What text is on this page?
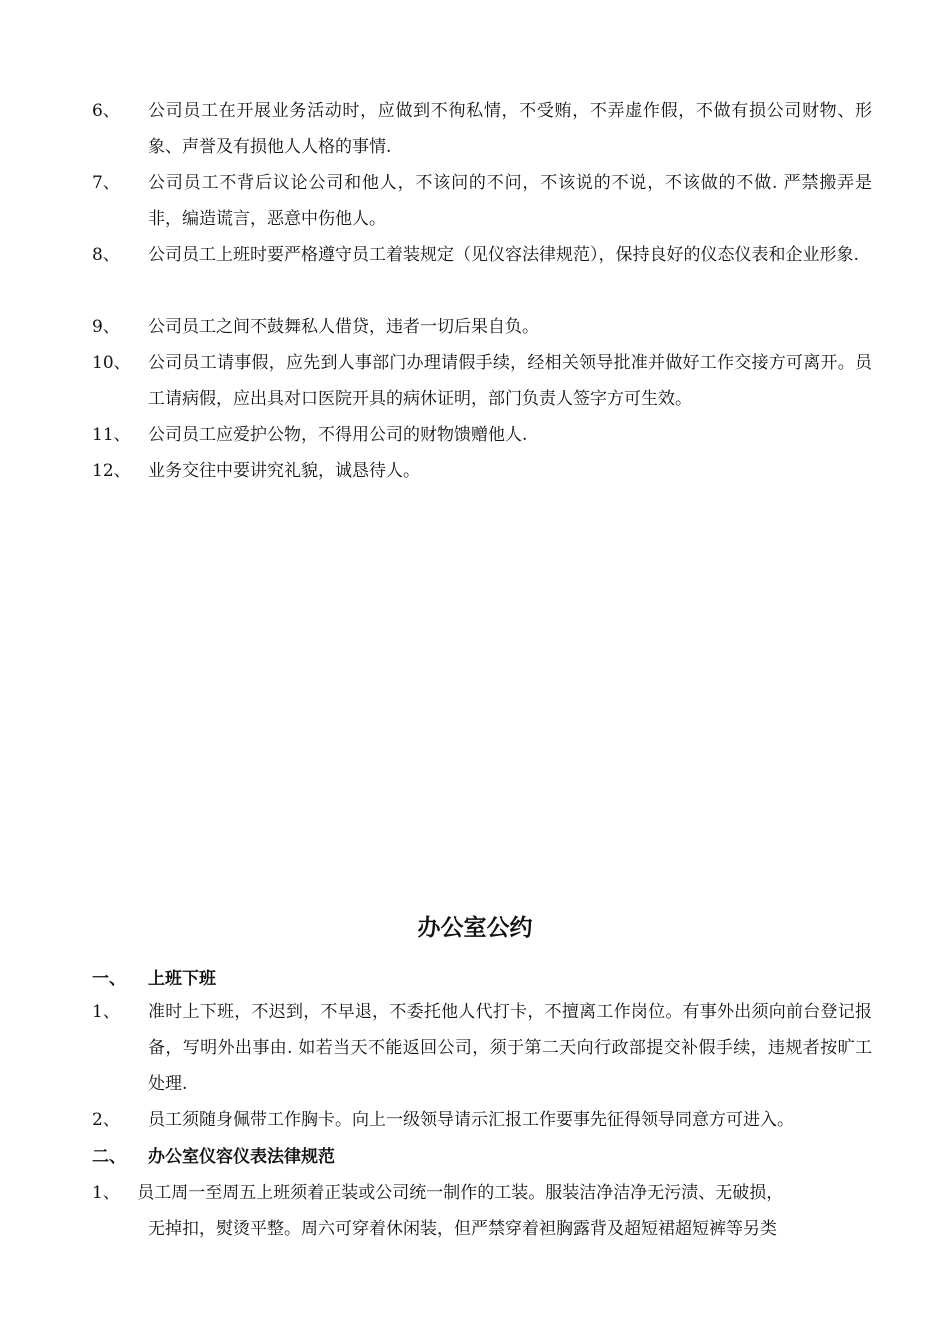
6、 公司员工在开展业务活动时，应做到不徇私情，不受贿，不弄虚作假，不做有损公司财物、形象、声誉及有损他人人格的事情.
7、 公司员工不背后议论公司和他人，不该问的不问，不该说的不说，不该做的不做. 严禁搬弄是非，编造谎言，恶意中伤他人。
8、 公司员工上班时要严格遵守员工着装规定（见仪容法律规范），保持良好的仪态仪表和企业形象.
9、 公司员工之间不鼓舞私人借贷，违者一切后果自负。
10、 公司员工请事假，应先到人事部门办理请假手续，经相关领导批准并做好工作交接方可离开。员工请病假，应出具对口医院开具的病休证明，部门负责人签字方可生效。
11、 公司员工应爱护公物，不得用公司的财物馈赠他人.
12、 业务交往中要讲究礼貌，诚恳待人。
办公室公约
一、 上班下班
1、 准时上下班，不迟到，不早退，不委托他人代打卡，不擅离工作岗位。有事外出须向前台登记报备，写明外出事由. 如若当天不能返回公司，须于第二天向行政部提交补假手续，违规者按旷工处理.
2、 员工须随身佩带工作胸卡。向上一级领导请示汇报工作要事先征得领导同意方可进入。
二、 办公室仪容仪表法律规范
1、 员工周一至周五上班须着正装或公司统一制作的工装。服装洁净洁净无污渍、无破损，
无掉扣，熨烫平整。周六可穿着休闲装，但严禁穿着袒胸露背及超短裙超短裤等另类
